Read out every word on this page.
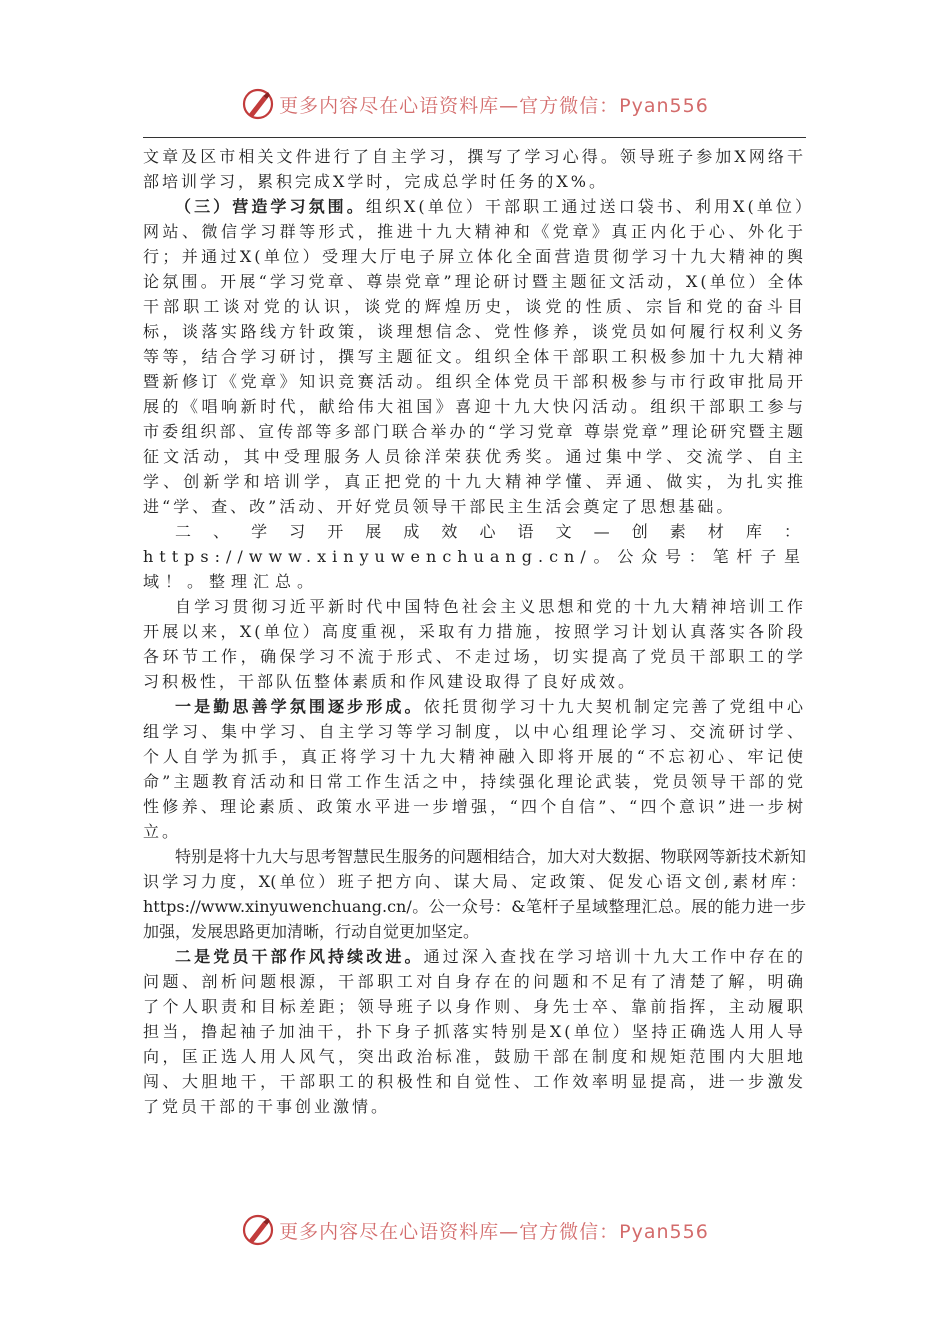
更多内容尽在心语资料库—官方微信：Pyan556

文章及区市相关文件进行了自主学习，撰写了学习心得。领导班子参加X网络干部培训学习，累积完成X学时，完成总学时任务的X%。

（三）营造学习氛围。组织X(单位）干部职工通过送口袋书、利用X(单位）网站、微信学习群等形式，推进十九大精神和《党章》真正内化于心、外化于行；并通过X(单位）受理大厅电子屏立体化全面营造贯彻学习十九大精神的舆论氛围。开展“学习党章、尊崇党章”理论研讨暨主题征文活动，X(单位）全体干部职工谈对党的认识，谈党的辉煌历史，谈党的性质、宗旨和党的奋斗目标，谈落实路线方针政策，谈理想信念、党性修养，谈党员如何履行权利义务等等，结合学习研讨，撰写主题征文。组织全体干部职工积极参加十九大精神暨新修订《党章》知识竞赛活动。组织全体党员干部积极参与市行政审批局开展的《唱响新时代，献给伟大祖国》喜迎十九大快闪活动。组织干部职工参与市委组织部、宣传部等多部门联合举办的“学习党章 尊崇党章”理论研究暨主题征文活动，其中受理服务人员徐洋荣获优秀奖。通过集中学、交流学、自主学、创新学和培训学，真正把党的十九大精神学懂、弄通、做实，为扎实推进“学、查、改”活动、开好党员领导干部民主生活会奠定了思想基础。

二、学习开展成效心语文—创素材库：https://www.xinyuwenchuang.cn/。公众号：笔杆子星域！。整理汇总。

自学习贯彻习近平新时代中国特色社会主义思想和党的十九大精神培训工作开展以来，X(单位）高度重视，采取有力措施，按照学习计划认真落实各阶段各环节工作，确保学习不流于形式、不走过场，切实提高了党员干部职工的学习积极性，干部队伍整体素质和作风建设取得了良好成效。

一是勤思善学氛围逐步形成。依托贯彻学习十九大契机制定完善了党组中心组学习、集中学习、自主学习等学习制度，以中心组理论学习、交流研讨学、个人自学为抓手，真正将学习十九大精神融入即将开展的“不忘初心、牢记使命”主题教育活动和日常工作生活之中，持续强化理论武装，党员领导干部的党性修养、理论素质、政策水平进一步增强，“四个自信”、“四个意识”进一步树立。

特别是将十九大与思考智慧民生服务的问题相结合，加大对大数据、物联网等新技术新知识学习力度，X(单位）班子把方向、谋大局、定政策、促发心语文创,素材库：https://www.xinyuwenchuang.cn/。公一众号：&笔杆子星域整理汇总。展的能力进一步加强，发展思路更加清晰，行动自觉更加坚定。

二是党员干部作风持续改进。通过深入查找在学习培训十九大工作中存在的问题、剖析问题根源，干部职工对自身存在的问题和不足有了清楚了解，明确了个人职责和目标差距；领导班子以身作则、身先士卒、靠前指挥，主动履职担当，撸起袖子加油干，扑下身子抓落实特别是X(单位）坚持正确选人用人导向，匡正选人用人风气，突出政治标准，鼓励干部在制度和规矩范围内大胆地闯、大胆地干，干部职工的积极性和自觉性、工作效率明显提高，进一步激发了党员干部的干事创业激情。

更多内容尽在心语资料库—官方微信：Pyan556
